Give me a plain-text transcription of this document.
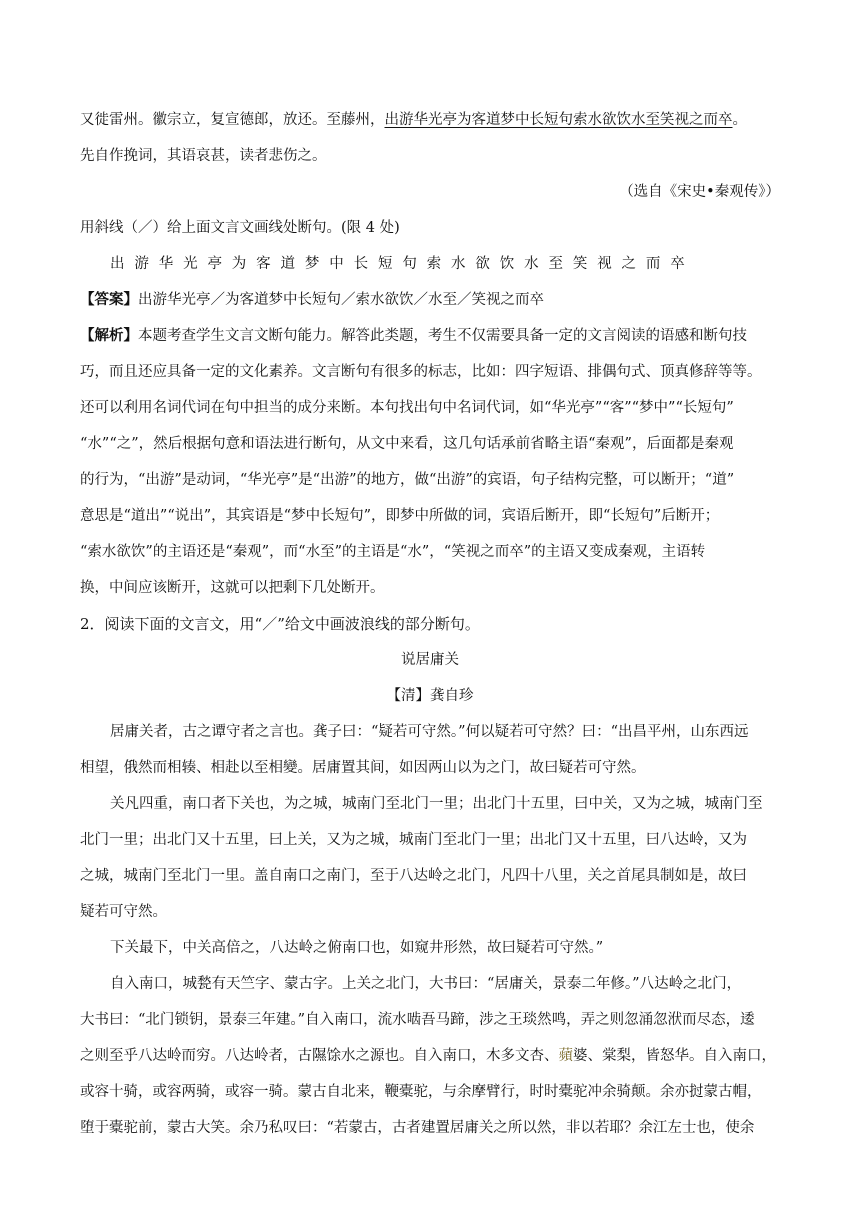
又徙雷州。徽宗立，复宣德郎，放还。至藤州，出游华光亭为客道梦中长短句索水欲饮水至笑视之而卒。
先自作挽词，其语哀甚，读者悲伤之。
（选自《宋史•秦观传》）
用斜线（／）给上面文言文画线处断句。(限 4 处)
出游华光亭为客道梦中长短句索水欲饮水至笑视之而卒
【答案】出游华光亭／为客道梦中长短句／索水欲饮／水至／笑视之而卒
【解析】本题考查学生文言文断句能力。解答此类题，考生不仅需要具备一定的文言阅读的语感和断句技
巧，而且还应具备一定的文化素养。文言断句有很多的标志，比如：四字短语、排偶句式、顶真修辞等等。
还可以利用名词代词在句中担当的成分来断。本句找出句中名词代词，如“华光亭”“客”“梦中”“长短句”
“水”“之”，然后根据句意和语法进行断句，从文中来看，这几句话承前省略主语“秦观”，后面都是秦观
的行为，“出游”是动词，“华光亭”是“出游”的地方，做“出游”的宾语，句子结构完整，可以断开；“道”
意思是“道出”“说出”，其宾语是“梦中长短句”，即梦中所做的词，宾语后断开，即“长短句”后断开；
“索水欲饮”的主语还是“秦观”，而“水至”的主语是“水”，“笑视之而卒”的主语又变成秦观，主语转
换，中间应该断开，这就可以把剩下几处断开。
2．阅读下面的文言文，用“／”给文中画波浪线的部分断句。
说居庸关
【清】龚自珍
居庸关者，古之谭守者之言也。龚子曰：“疑若可守然。”何以疑若可守然？曰：“出昌平州，山东西远
相望，俄然而相辏、相赴以至相變。居庸置其间，如因两山以为之门，故曰疑若可守然。
关凡四重，南口者下关也，为之城，城南门至北门一里；出北门十五里，曰中关，又为之城，城南门至
北门一里；出北门又十五里，曰上关，又为之城，城南门至北门一里；出北门又十五里，曰八达岭，又为
之城，城南门至北门一里。盖自南口之南门，至于八达岭之北门，凡四十八里，关之首尾具制如是，故曰
疑若可守然。
下关最下，中关高倍之，八达岭之俯南口也，如窥井形然，故曰疑若可守然。”
自入南口，城甃有天竺字、蒙古字。上关之北门，大书曰：“居庸关，景泰二年修。”八达岭之北门，
大书曰：“北门锁钥，景泰三年建。”自入南口，流水啮吾马蹄，涉之王琰然鸣，弄之则忽涌忽洑而尽态，逶
之则至乎八达岭而穷。八达岭者，古隰馀水之源也。自入南口，木多文杏、蘋婆、棠梨，皆怒华。自入南口，
或容十骑，或容两骑，或容一骑。蒙古自北来，鞭橐驼，与余摩臂行，时时橐驼冲余骑颠。余亦挝蒙古帽，
堕于橐驼前，蒙古大笑。余乃私叹曰：“若蒙古，古者建置居庸关之所以然，非以若耶？余江左士也，使余
